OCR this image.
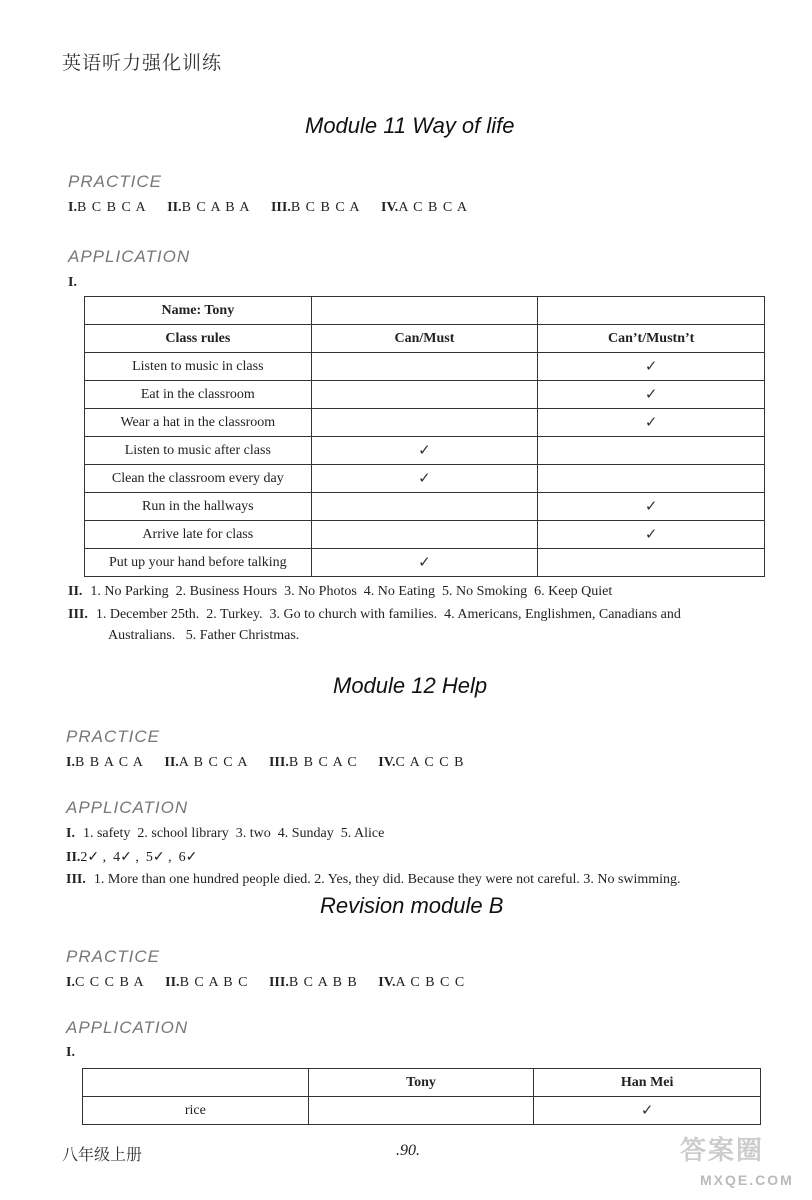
英语听力强化训练
Module 11 Way of life
PRACTICE
I.B C B C A II.B C A B A III.B C B C A IV.A C B C A
APPLICATION
I.
Name: Tony		
Class rules	Can/Must	Can’t/Mustn’t
Listen to music in class		✓
Eat in the classroom		✓
Wear a hat in the classroom		✓
Listen to music after class	✓	
Clean the classroom every day	✓	
Run in the hallways		✓
Arrive late for class		✓
Put up your hand before talking	✓	
II. 1. No Parking  2. Business Hours  3. No Photos  4. No Eating  5. No Smoking  6. Keep Quiet
III. 1. December 25th.  2. Turkey.  3. Go to church with families.  4. Americans, Englishmen, Canadians and
Australians.   5. Father Christmas.
Module 12 Help
PRACTICE
I.B B A C A II.A B C C A III.B B C A C IV.C A C C B
APPLICATION
I. 1. safety  2. school library  3. two  4. Sunday  5. Alice
II.2✓ ,  4✓ ,  5✓ ,  6✓
III. 1. More than one hundred people died. 2. Yes, they did. Because they were not careful. 3. No swimming.
Revision module B
PRACTICE
I.C C C B A II.B C A B C III.B C A B B IV.A C B C C
APPLICATION
I.
	Tony	Han Mei
rice		✓
八年级上册	.90.	答案圈
MXQE.COM
